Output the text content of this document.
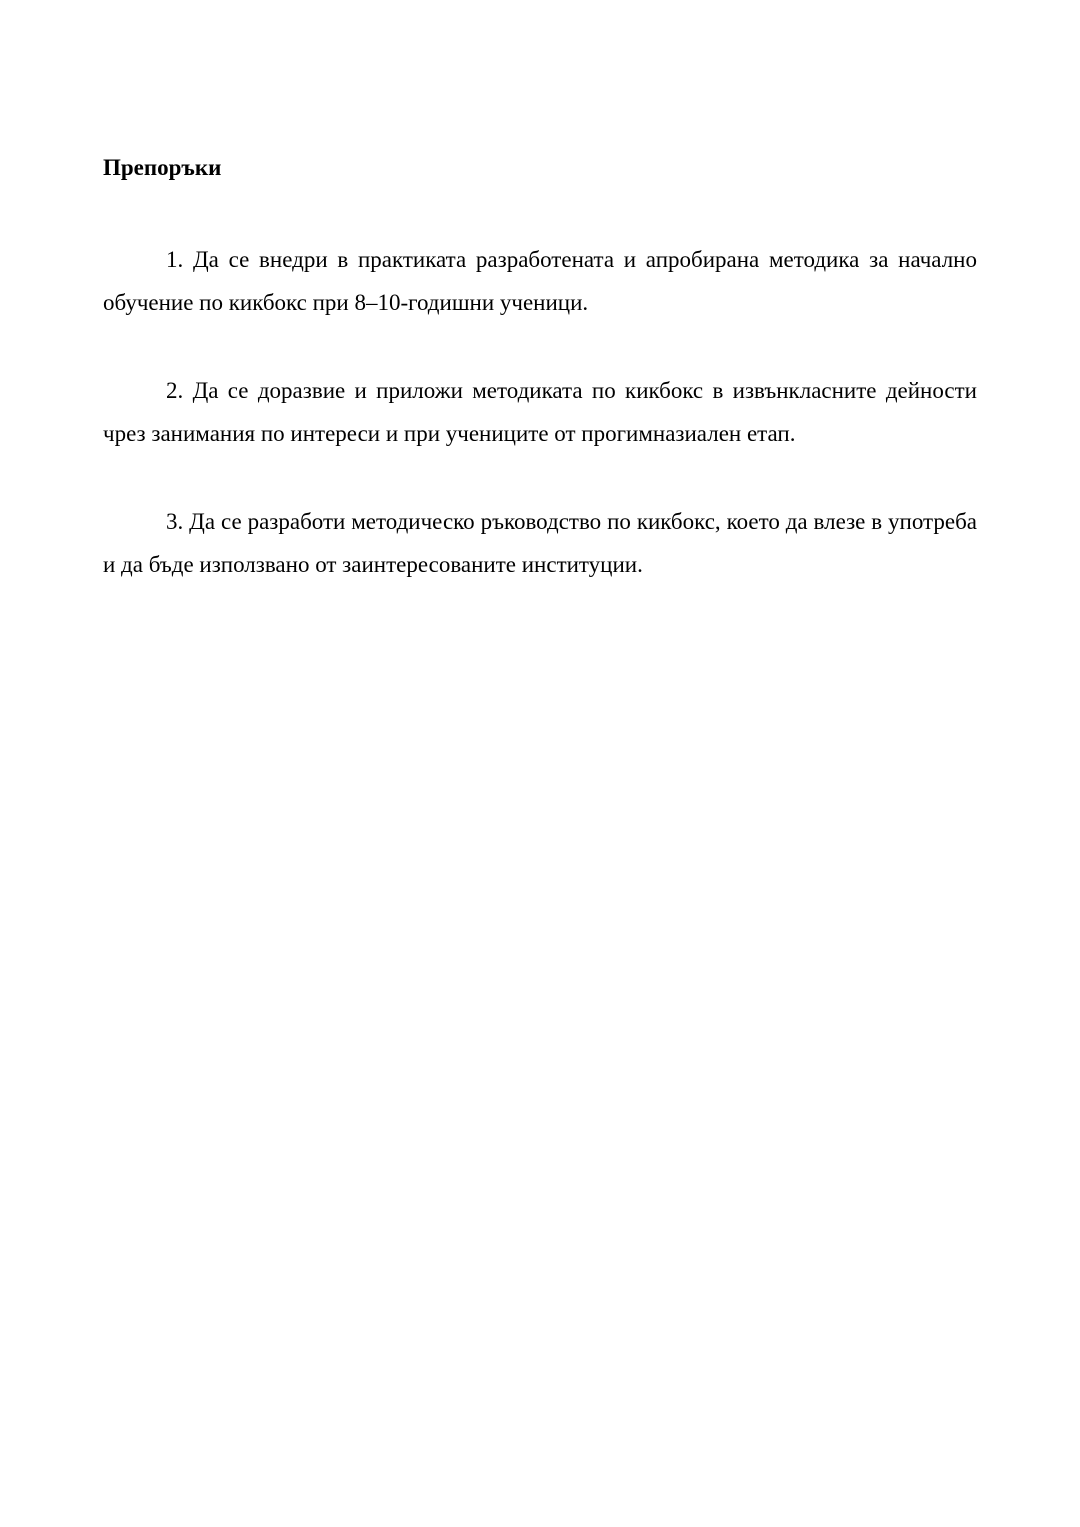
Препоръки

1. Да се внедри в практиката разработената и апробирана методика за начално обучение по кикбокс при 8–10-годишни ученици.

2. Да се доразвие и приложи методиката по кикбокс в извънкласните дейности чрез занимания по интереси и при учениците от прогимназиален етап.

3. Да се разработи методическо ръководство по кикбокс, което да влезе в употреба и да бъде използвано от заинтересованите институции.
